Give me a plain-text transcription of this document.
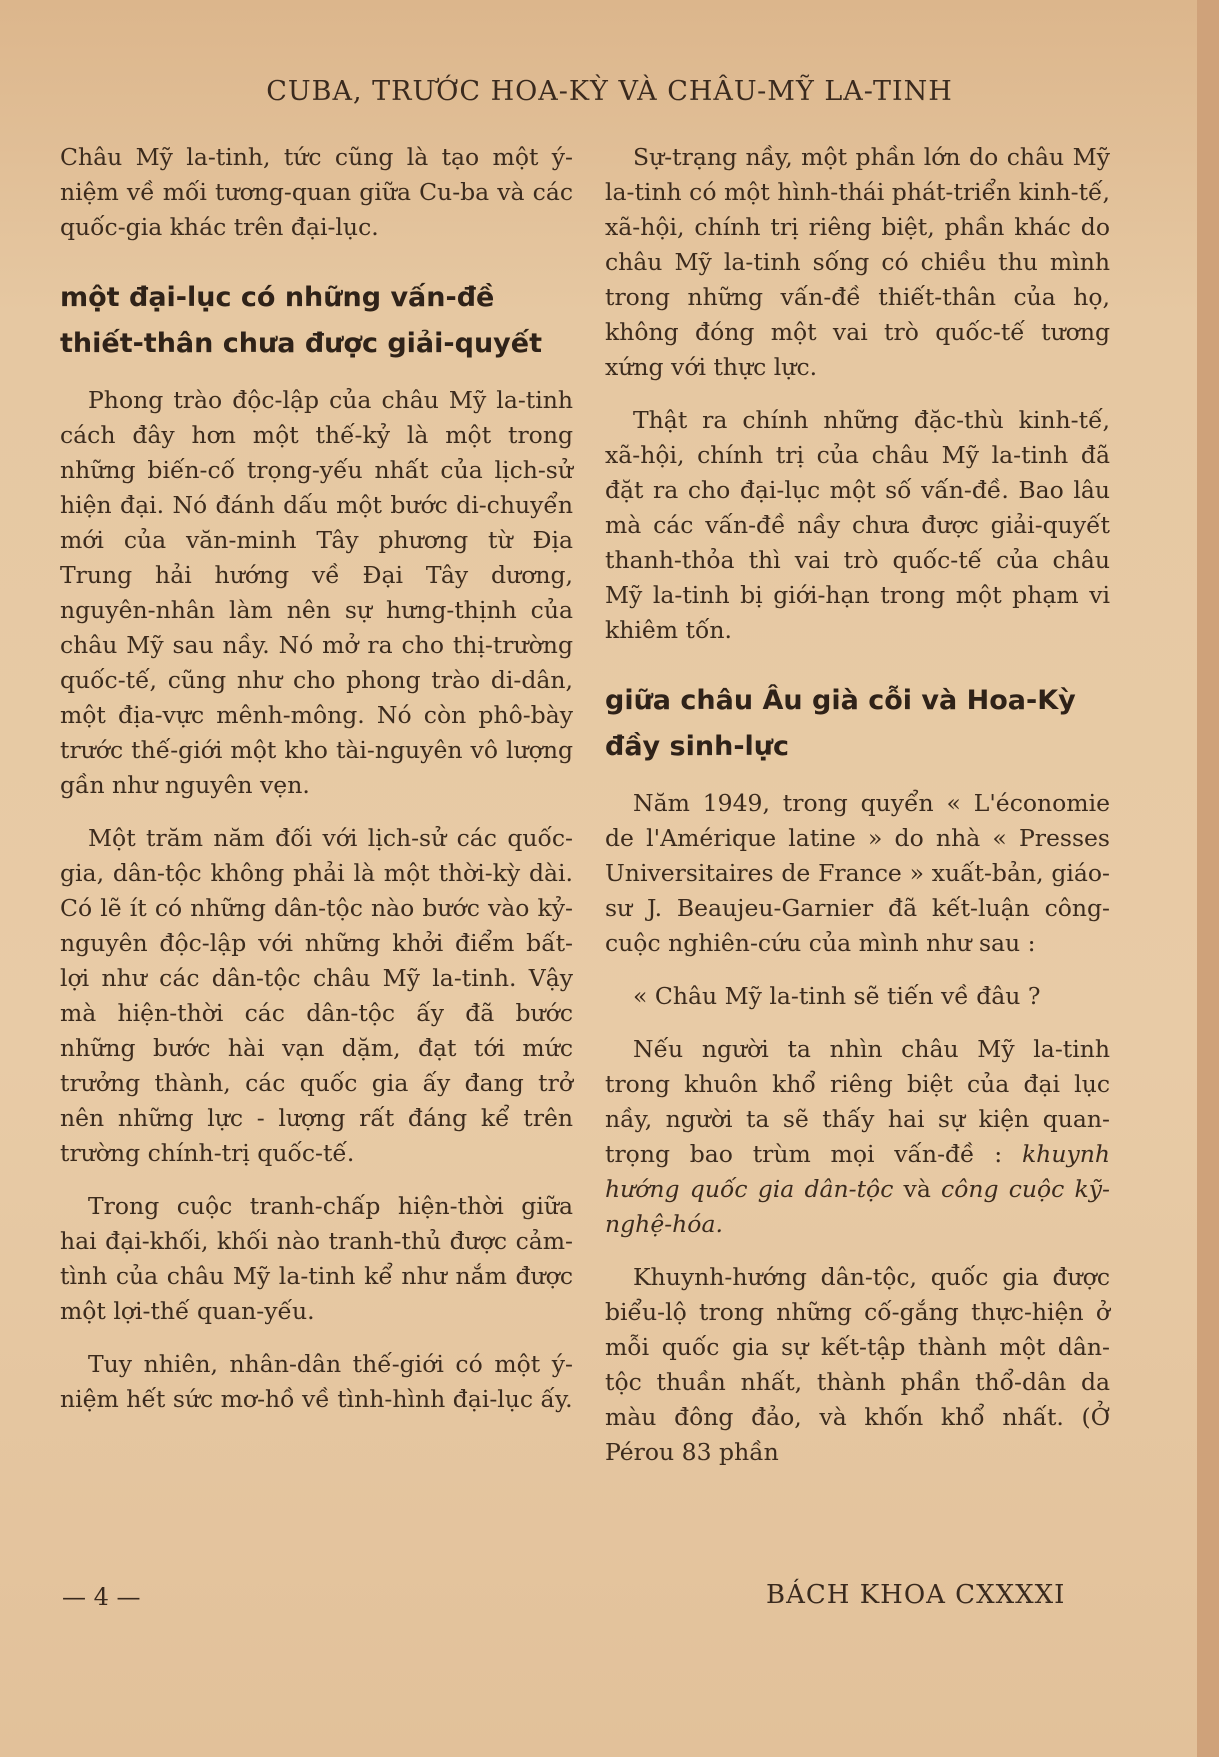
CUBA, TRƯỚC HOA-KỲ VÀ CHÂU-MỸ LA-TINH

Châu Mỹ la-tinh, tức cũng là tạo một ý-niệm về mối tương-quan giữa Cu-ba và các quốc-gia khác trên đại-lục.

một đại-lục có những vấn-đề thiết-thân chưa được giải-quyết

Phong trào độc-lập của châu Mỹ la-tinh cách đây hơn một thế-kỷ là một trong những biến-cố trọng-yếu nhất của lịch-sử hiện đại. Nó đánh dấu một bước di-chuyển mới của văn-minh Tây phương từ Địa Trung hải hướng về Đại Tây dương, nguyên-nhân làm nên sự hưng-thịnh của châu Mỹ sau nầy. Nó mở ra cho thị-trường quốc-tế, cũng như cho phong trào di-dân, một địa-vực mênh-mông. Nó còn phô-bày trước thế-giới một kho tài-nguyên vô lượng gần như nguyên vẹn.

Một trăm năm đối với lịch-sử các quốc-gia, dân-tộc không phải là một thời-kỳ dài. Có lẽ ít có những dân-tộc nào bước vào kỷ-nguyên độc-lập với những khởi điểm bất-lợi như các dân-tộc châu Mỹ la-tinh. Vậy mà hiện-thời các dân-tộc ấy đã bước những bước hài vạn dặm, đạt tới mức trưởng thành, các quốc gia ấy đang trở nên những lực - lượng rất đáng kể trên trường chính-trị quốc-tế.

Trong cuộc tranh-chấp hiện-thời giữa hai đại-khối, khối nào tranh-thủ được cảm-tình của châu Mỹ la-tinh kể như nắm được một lợi-thế quan-yếu.

Tuy nhiên, nhân-dân thế-giới có một ý-niệm hết sức mơ-hồ về tình-hình đại-lục ấy.

Sự-trạng nầy, một phần lớn do châu Mỹ la-tinh có một hình-thái phát-triển kinh-tế, xã-hội, chính trị riêng biệt, phần khác do châu Mỹ la-tinh sống có chiều thu mình trong những vấn-đề thiết-thân của họ, không đóng một vai trò quốc-tế tương xứng với thực lực.

Thật ra chính những đặc-thù kinh-tế, xã-hội, chính trị của châu Mỹ la-tinh đã đặt ra cho đại-lục một số vấn-đề. Bao lâu mà các vấn-đề nầy chưa được giải-quyết thanh-thỏa thì vai trò quốc-tế của châu Mỹ la-tinh bị giới-hạn trong một phạm vi khiêm tốn.

giữa châu Âu già cỗi và Hoa-Kỳ đầy sinh-lực

Năm 1949, trong quyển « L'économie de l'Amérique latine » do nhà « Presses Universitaires de France » xuất-bản, giáo-sư J. Beaujeu-Garnier đã kết-luận công-cuộc nghiên-cứu của mình như sau :

« Châu Mỹ la-tinh sẽ tiến về đâu ?

Nếu người ta nhìn châu Mỹ la-tinh trong khuôn khổ riêng biệt của đại lục nầy, người ta sẽ thấy hai sự kiện quan-trọng bao trùm mọi vấn-đề : khuynh hướng quốc gia dân-tộc và công cuộc kỹ-nghệ-hóa.

Khuynh-hướng dân-tộc, quốc gia được biểu-lộ trong những cố-gắng thực-hiện ở mỗi quốc gia sự kết-tập thành một dân-tộc thuần nhất, thành phần thổ-dân da màu đông đảo, và khốn khổ nhất. (Ở Pérou 83 phần

— 4 —	BÁCH KHOA CXXXXI
